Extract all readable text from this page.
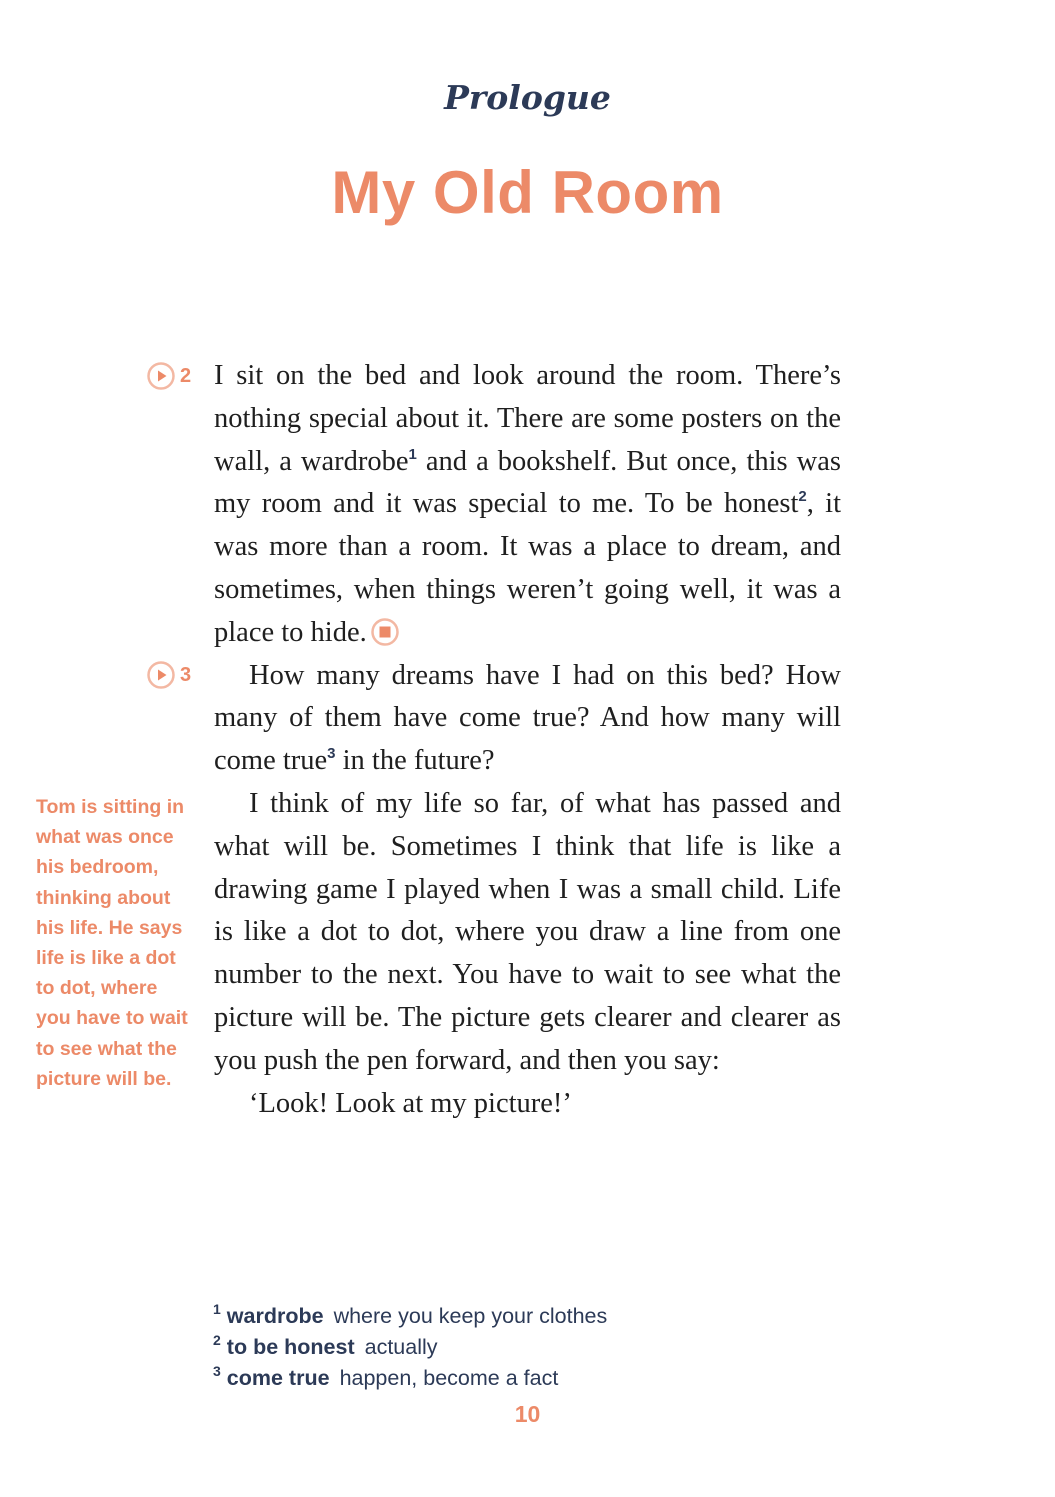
Prologue
My Old Room
2
3

I sit on the bed and look around the room. There’s nothing special about it. There are some posters on the wall, a wardrobe$^1$ and a bookshelf. But once, this was my room and it was special to me. To be honest$^2$, it was more than a room. It was a place to dream, and sometimes, when things weren’t going well, it was a place to hide.

How many dreams have I had on this bed? How many of them have come true? And how many will come true$^3$ in the future?

I think of my life so far, of what has passed and what will be. Sometimes I think that life is like a drawing game I played when I was a small child. Life is like a dot to dot, where you draw a line from one number to the next. You have to wait to see what the picture will be. The picture gets clearer and clearer as you push the pen forward, and then you say:

‘Look! Look at my picture!’

Tom is sitting in what was once his bedroom, thinking about his life. He says life is like a dot to dot, where you have to wait to see what the picture will be.

$^1$ wardrobe where you keep your clothes
$^2$ to be honest actually
$^3$ come true happen, become a fact
10
